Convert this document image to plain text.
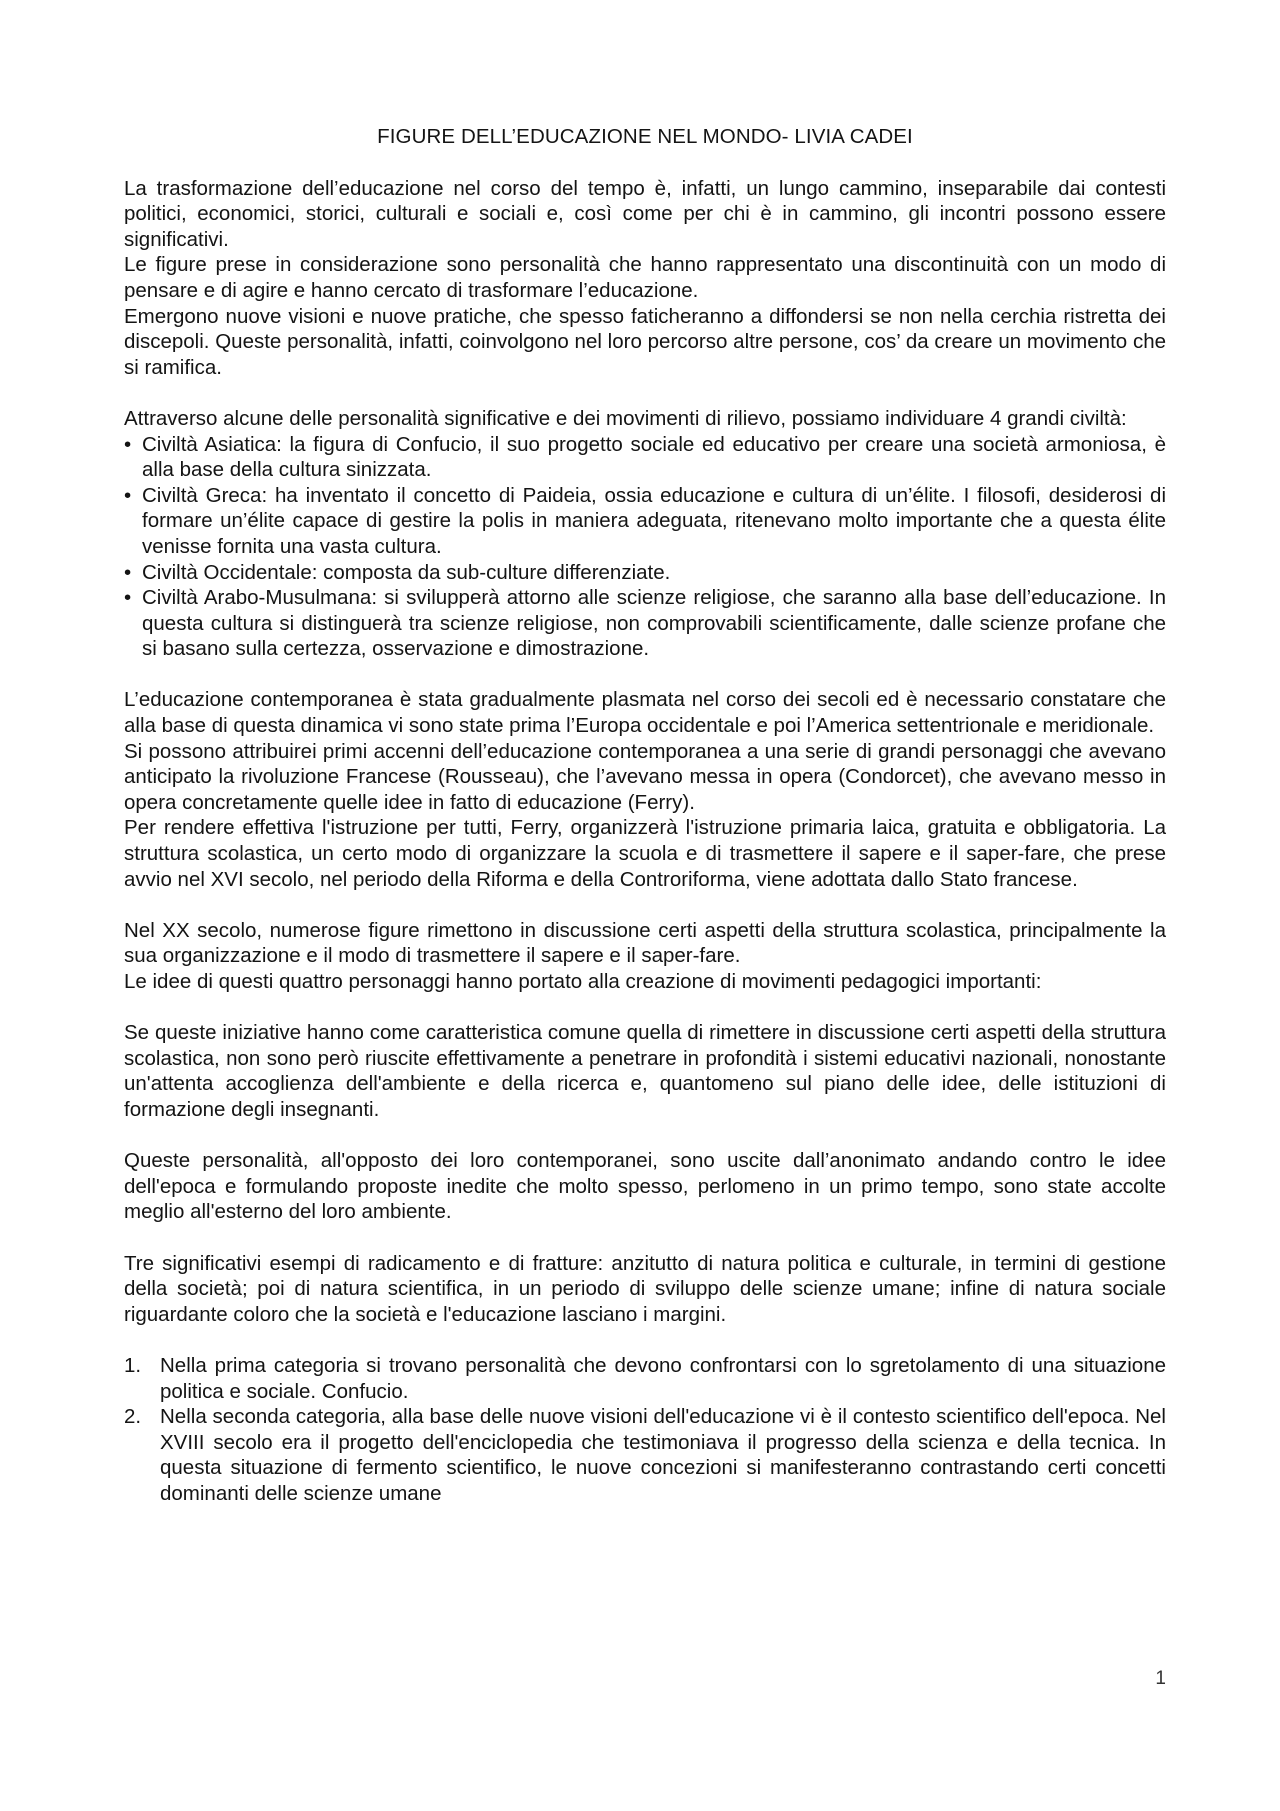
FIGURE DELL’EDUCAZIONE NEL MONDO- LIVIA CADEI

La trasformazione dell’educazione nel corso del tempo è, infatti, un lungo cammino, inseparabile dai contesti politici, economici, storici, culturali e sociali e, così come per chi è in cammino, gli incontri possono essere significativi.

Le figure prese in considerazione sono personalità che hanno rappresentato una discontinuità con un modo di pensare e di agire e hanno cercato di trasformare l’educazione.

Emergono nuove visioni e nuove pratiche, che spesso faticheranno a diffondersi se non nella cerchia ristretta dei discepoli. Queste personalità, infatti, coinvolgono nel loro percorso altre persone, cos’ da creare un movimento che si ramifica.

Attraverso alcune delle personalità significative e dei movimenti di rilievo, possiamo individuare 4 grandi civiltà:

• Civiltà Asiatica: la figura di Confucio, il suo progetto sociale ed educativo per creare una società armoniosa, è alla base della cultura sinizzata.
• Civiltà Greca: ha inventato il concetto di Paideia, ossia educazione e cultura di un’élite. I filosofi, desiderosi di formare un’élite capace di gestire la polis in maniera adeguata, ritenevano molto importante che a questa élite venisse fornita una vasta cultura.
• Civiltà Occidentale: composta da sub-culture differenziate.
• Civiltà Arabo-Musulmana: si svilupperà attorno alle scienze religiose, che saranno alla base dell’educazione. In questa cultura si distinguerà tra scienze religiose, non comprovabili scientificamente, dalle scienze profane che si basano sulla certezza, osservazione e dimostrazione.

L’educazione contemporanea è stata gradualmente plasmata nel corso dei secoli ed è necessario constatare che alla base di questa dinamica vi sono state prima l’Europa occidentale e poi l’America settentrionale e meridionale.

Si possono attribuirei primi accenni dell’educazione contemporanea a una serie di grandi personaggi che avevano anticipato la rivoluzione Francese (Rousseau), che l’avevano messa in opera (Condorcet), che avevano messo in opera concretamente quelle idee in fatto di educazione (Ferry).

Per rendere effettiva l'istruzione per tutti, Ferry, organizzerà l'istruzione primaria laica, gratuita e obbligatoria. La struttura scolastica, un certo modo di organizzare la scuola e di trasmettere il sapere e il saper-fare, che prese avvio nel XVI secolo, nel periodo della Riforma e della Controriforma, viene adottata dallo Stato francese.

Nel XX secolo, numerose figure rimettono in discussione certi aspetti della struttura scolastica, principalmente la sua organizzazione e il modo di trasmettere il sapere e il saper-fare.

Le idee di questi quattro personaggi hanno portato alla creazione di movimenti pedagogici importanti:

Se queste iniziative hanno come caratteristica comune quella di rimettere in discussione certi aspetti della struttura scolastica, non sono però riuscite effettivamente a penetrare in profondità i sistemi educativi nazionali, nonostante un'attenta accoglienza dell'ambiente e della ricerca e, quantomeno sul piano delle idee, delle istituzioni di formazione degli insegnanti.

Queste personalità, all'opposto dei loro contemporanei, sono uscite dall’anonimato andando contro le idee dell'epoca e formulando proposte inedite che molto spesso, perlomeno in un primo tempo, sono state accolte meglio all'esterno del loro ambiente.

Tre significativi esempi di radicamento e di fratture: anzitutto di natura politica e culturale, in termini di gestione della società; poi di natura scientifica, in un periodo di sviluppo delle scienze umane; infine di natura sociale riguardante coloro che la società e l'educazione lasciano i margini.

1. Nella prima categoria si trovano personalità che devono confrontarsi con lo sgretolamento di una situazione politica e sociale. Confucio.
2. Nella seconda categoria, alla base delle nuove visioni dell'educazione vi è il contesto scientifico dell'epoca. Nel XVIII secolo era il progetto dell'enciclopedia che testimoniava il progresso della scienza e della tecnica. In questa situazione di fermento scientifico, le nuove concezioni si manifesteranno contrastando certi concetti dominanti delle scienze umane
1
